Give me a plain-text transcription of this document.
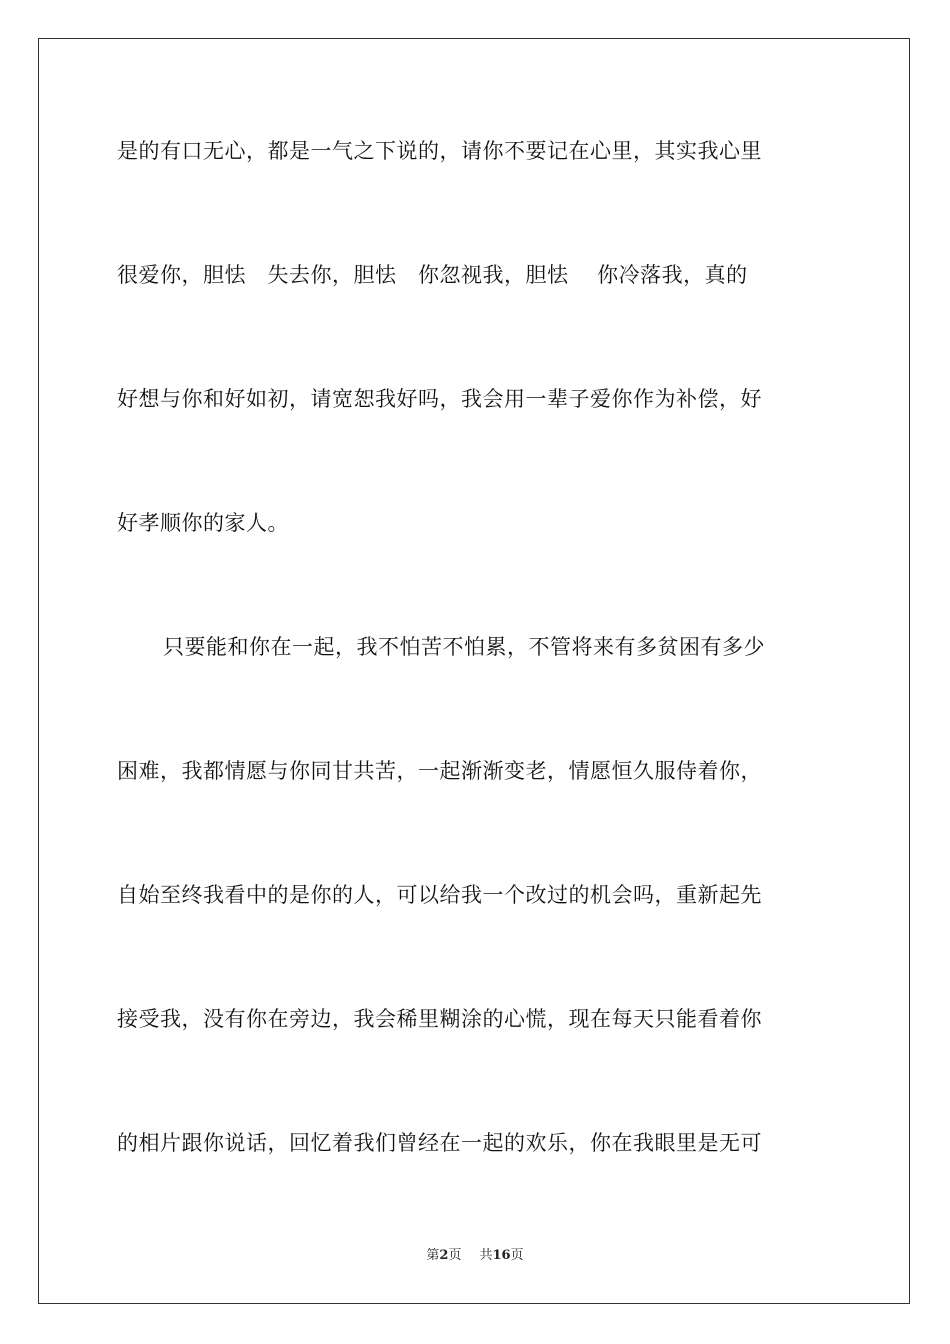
是的有口无心，都是一气之下说的，请你不要记在心里，其实我心里
很爱你，胆怯　失去你，胆怯　你忽视我，胆怯　 你冷落我，真的
好想与你和好如初，请宽恕我好吗，我会用一辈子爱你作为补偿，好
好孝顺你的家人。
只要能和你在一起，我不怕苦不怕累，不管将来有多贫困有多少
困难，我都情愿与你同甘共苦，一起渐渐变老，情愿恒久服侍着你，
自始至终我看中的是你的人，可以给我一个改过的机会吗，重新起先
接受我，没有你在旁边，我会稀里糊涂的心慌，现在每天只能看着你
的相片跟你说话，回忆着我们曾经在一起的欢乐，你在我眼里是无可
第2页 共16页
